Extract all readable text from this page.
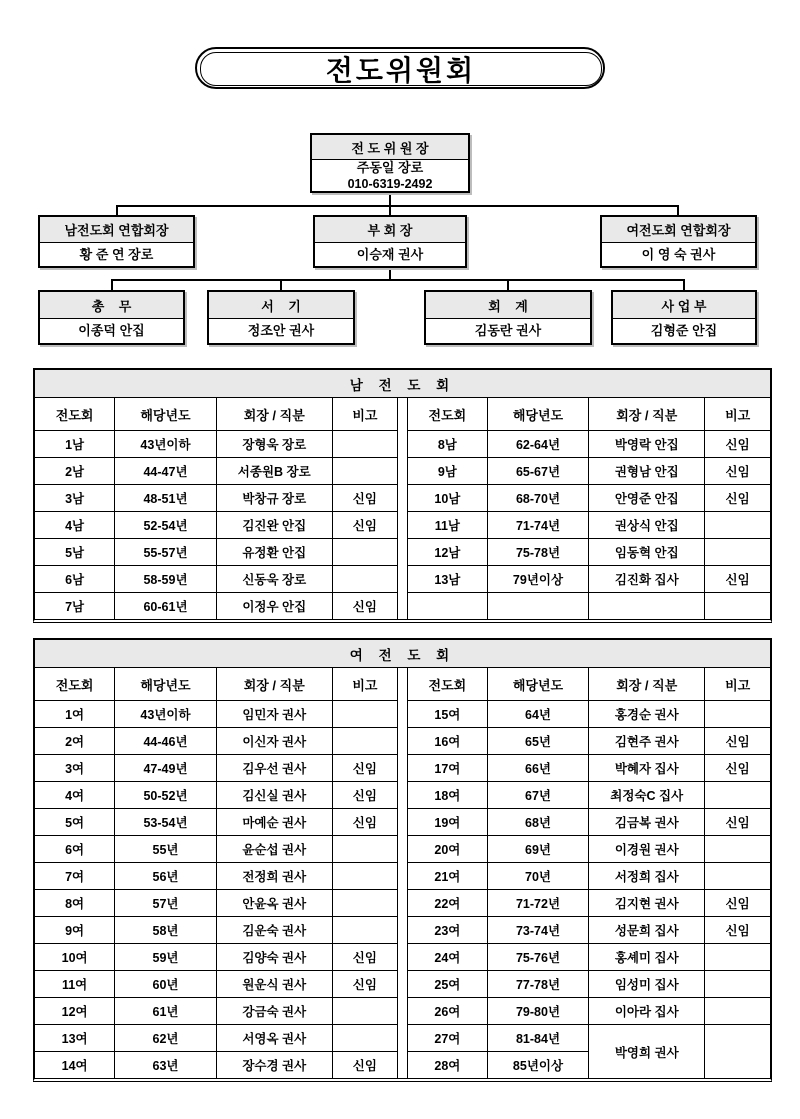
전도위원회
전 도 위 원 장
주동일 장로
010-6319-2492
남전도회 연합회장
황 준 연 장로
부 회 장
이승재 권사
여전도회 연합회장
이 영 숙 권사
총    무
이종덕 안집
서    기
정조안 권사
회    계
김동란 권사
사 업 부
김형준 안집
남 전 도 회
전도회	해당년도	회장 / 직분	비고
1남	43년이하	장형욱 장로	
2남	44-47년	서종원B 장로	
3남	48-51년	박창규 장로	신임
4남	52-54년	김진완 안집	신임
5남	55-57년	유정환 안집	
6남	58-59년	신동욱 장로	
7남	60-61년	이정우 안집	신임
전도회	해당년도	회장 / 직분	비고
8남	62-64년	박영락 안집	신임
9남	65-67년	권형남 안집	신임
10남	68-70년	안영준 안집	신임
11남	71-74년	권상식 안집	
12남	75-78년	임동혁 안집	
13남	79년이상	김진화 집사	신임

여 전 도 회
전도회	해당년도	회장 / 직분	비고
1여	43년이하	임민자 권사	
2여	44-46년	이신자 권사	
3여	47-49년	김우선 권사	신임
4여	50-52년	김신실 권사	신임
5여	53-54년	마예순 권사	신임
6여	55년	윤순섭 권사	
7여	56년	전정희 권사	
8여	57년	안윤옥 권사	
9여	58년	김운숙 권사	
10여	59년	김양숙 권사	신임
11여	60년	원운식 권사	신임
12여	61년	강금숙 권사	
13여	62년	서영옥 권사	
14여	63년	장수경 권사	신임
전도회	해당년도	회장 / 직분	비고
15여	64년	홍경순 권사	
16여	65년	김현주 권사	신임
17여	66년	박혜자 집사	신임
18여	67년	최정숙C 집사	
19여	68년	김금복 권사	신임
20여	69년	이경원 권사	
21여	70년	서정희 집사	
22여	71-72년	김지현 권사	신임
23여	73-74년	성문희 집사	신임
24여	75-76년	홍셰미 집사	
25여	77-78년	임성미 집사	
26여	79-80년	이아라 집사	
27여	81-84년	박영희 권사	
28여	85년이상		
